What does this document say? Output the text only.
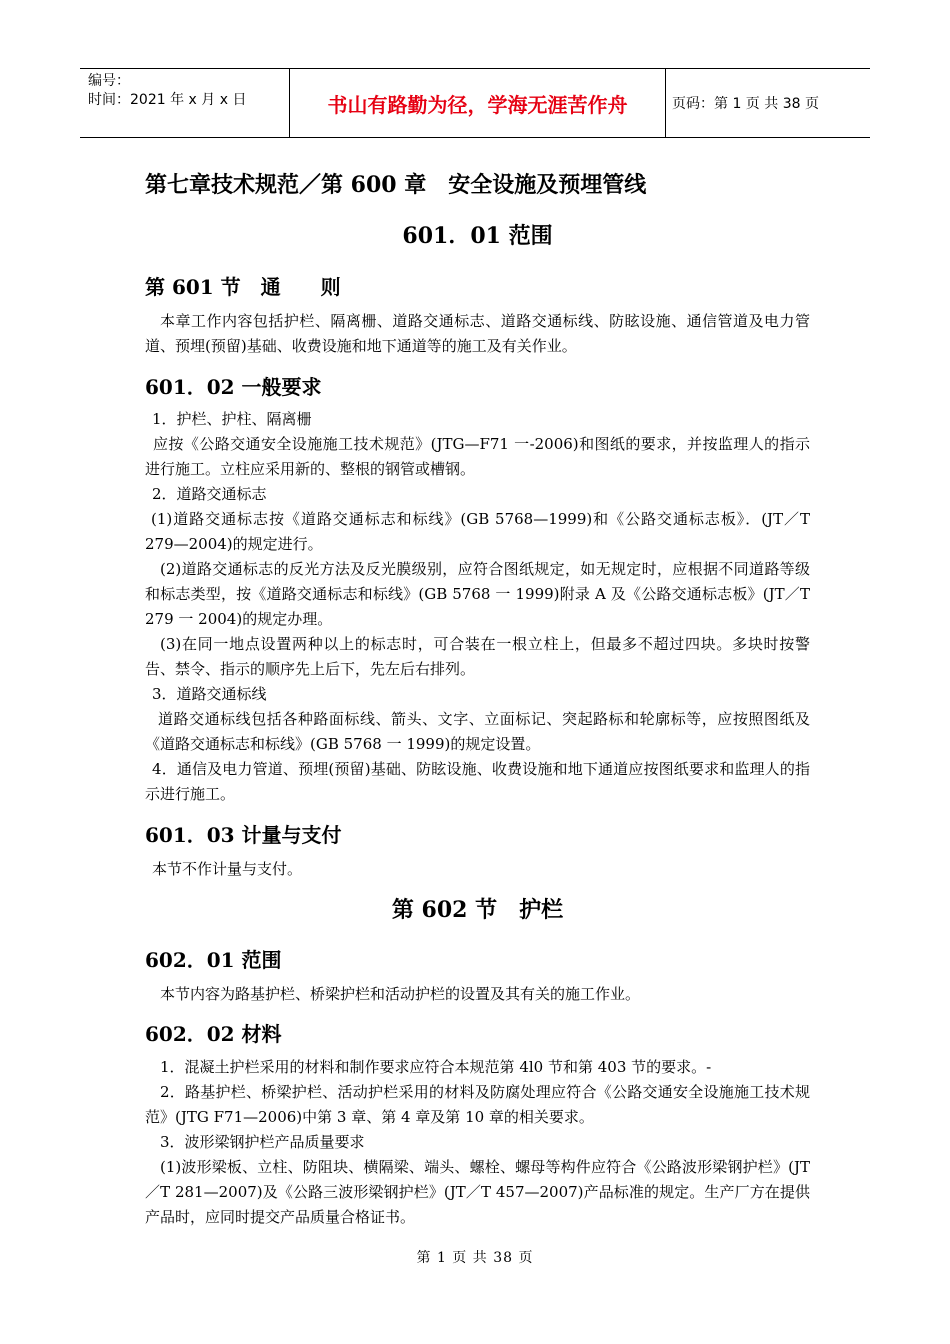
编号：
时间：2021 年 x 月 x 日	书山有路勤为径，学海无涯苦作舟	页码：第 1 页 共 38 页
第七章技术规范／第 600 章　安全设施及预埋管线
601．01 范围
第 601 节　通　　则

本章工作内容包括护栏、隔离栅、道路交通标志、道路交通标线、防眩设施、通信管道及电力管道、预埋(预留)基础、收费设施和地下通道等的施工及有关作业。

601．02 一般要求
1．护栏、护柱、隔离栅

应按《公路交通安全设施施工技术规范》(JTG—F71 一-2006)和图纸的要求，并按监理人的指示进行施工。立柱应采用新的、整根的钢管或槽钢。

2．道路交通标志

(1)道路交通标志按《道路交通标志和标线》(GB 5768—1999)和《公路交通标志板》．(JT／T 279—2004)的规定进行。

(2)道路交通标志的反光方法及反光膜级别，应符合图纸规定，如无规定时，应根据不同道路等级和标志类型，按《道路交通标志和标线》(GB 5768 一 1999)附录 A 及《公路交通标志板》(JT／T 279 一 2004)的规定办理。

(3)在同一地点设置两种以上的标志时，可合装在一根立柱上，但最多不超过四块。多块时按警告、禁令、指示的顺序先上后下，先左后右排列。

3．道路交通标线

道路交通标线包括各种路面标线、箭头、文字、立面标记、突起路标和轮廓标等，应按照图纸及《道路交通标志和标线》(GB 5768 一 1999)的规定设置。

4．通信及电力管道、预埋(预留)基础、防眩设施、收费设施和地下通道应按图纸要求和监理人的指示进行施工。

601．03 计量与支付
本节不作计量与支付。
第 602 节　护栏
602．01 范围
本节内容为路基护栏、桥梁护栏和活动护栏的设置及其有关的施工作业。
602．02 材料
1．混凝土护栏采用的材料和制作要求应符合本规范第 4l0 节和第 403 节的要求。-

2．路基护栏、桥梁护栏、活动护栏采用的材料及防腐处理应符合《公路交通安全设施施工技术规范》(JTG F71—2006)中第 3 章、第 4 章及第 10 章的相关要求。

3．波形梁钢护栏产品质量要求

(1)波形梁板、立柱、防阻块、横隔梁、端头、螺栓、螺母等构件应符合《公路波形梁钢护栏》(JT／T 281—2007)及《公路三波形梁钢护栏》(JT／T 457—2007)产品标准的规定。生产厂方在提供产品时，应同时提交产品质量合格证书。

第 1 页 共 38 页
